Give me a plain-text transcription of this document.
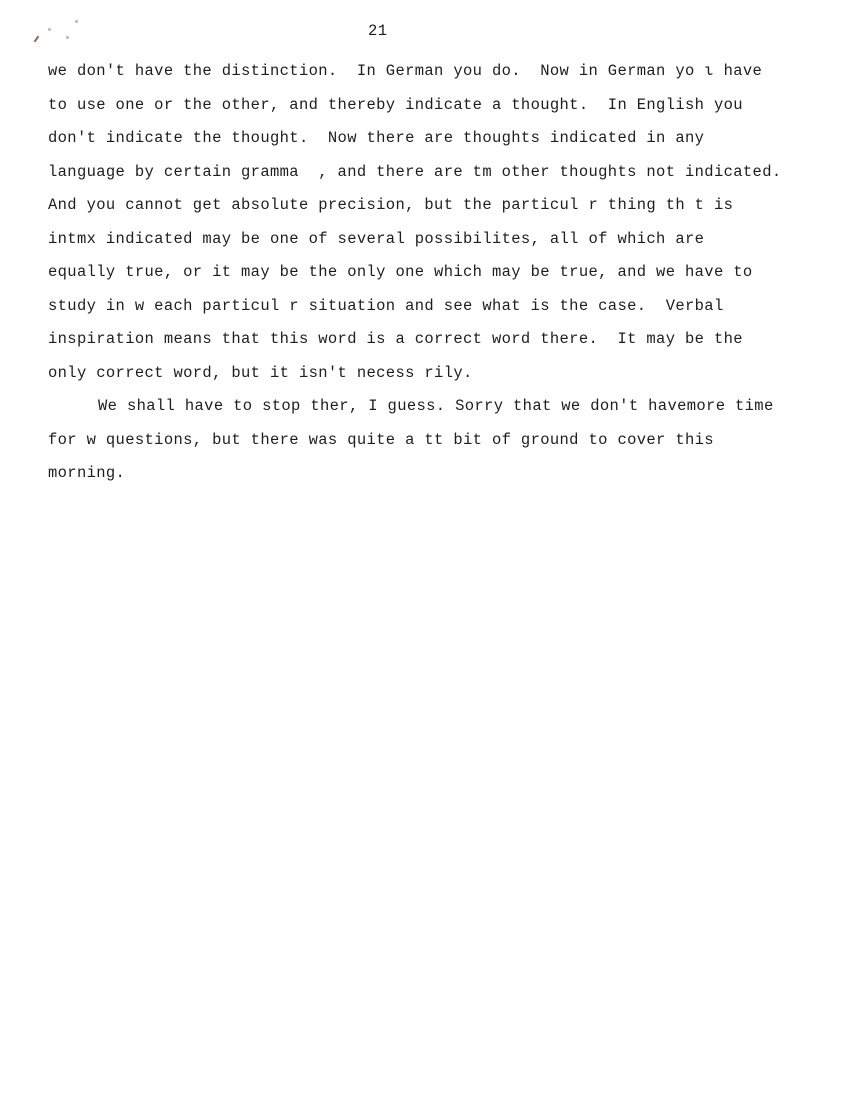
21
we don't have the distinction.  In German you do.  Now in German yo ι have
to use one or the other, and thereby indicate a thought.  In English you
don't indicate the thought.  Now there are thoughts indicated in any
language by certain gramma  , and there are tm other thoughts not indicated.
And you cannot get absolute precision, but the particul r thing th t is
intmx indicated may be one of several possibilites, all of which are
equally true, or it may be the only one which may be true, and we have to
study in w each particul r situation and see what is the case.  Verbal
inspiration means that this word is a correct word there.  It may be the
only correct word, but it isn't necess rily.
We shall have to stop ther, I guess. Sorry that we don't havemore time
for w questions, but there was quite a tt bit of ground to cover this
morning.
